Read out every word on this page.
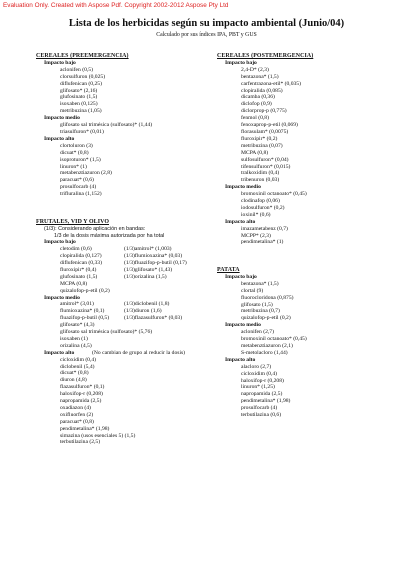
Evaluation Only. Created with Aspose Pdf. Copyright 2002-2012 Aspose Pty Ltd
Lista de los herbicidas según su impacto ambiental (Junio/04)
Calculado por sus índices IPA, PBT y GUS
CEREALES (PREEMERGENCIA)
Impacto bajo
aclonifen (0,5)
clorsulfuron (0,025)
diflufenican (0,25)
glifosato* (2,16)
glufosinato (1,5)
isoxaben (0,125)
metribuzina (1,05)
Impacto medio
glifosato sal trimésica (sulfosato)* (1,44)
triasulfuron* (0,01)
Impacto alto
clortoluron (3)
dicuat* (0,8)
isoproturon* (1,5)
linuron* (1)
metabenztiazuron (2,8)
paracuat* (0,6)
prosulfocarb (4)
trifluralina (1,152)
FRUTALES, VID Y OLIVO
(1/3): Considerando aplicación en bandas:
1/3 de la dosis máxima autorizada por ha total
Impacto bajo
cletodim (0,6)	(1/3)amitrol* (1,003)
clopiralida (0,127)	(1/3)flumioxazina* (0,03)
diflufenican (0,33)	(1/3)fluazifop-p-butil (0,17)
fluroxipir* (0,4)	(1/3)glifosato* (1,43)
glufosinato (1,5)	(1/3)orizalina (1,5)
MCPA (0,8)
quizalofop-p-etil (0,2)
Impacto medio
amitrol* (3,01)	(1/3)diclobenil (1,8)
flumioxazina* (0,1)	(1/3)diuron (1,6)
fluazifop-p-butil (0,5)	(1/3)flazasulfuron* (0,03)
glifosato* (4,3)
glifosato sal trimésica (sulfosato)* (5,76)
isoxaben (1)
orizalina (4,5)
Impacto alto	(No cambian de grupo al reducir la dosis)
cicloxidim (0,4)
diclobenil (5,4)
dicuat* (0,8)
diuron (4,8)
flazasulfuron* (0,1)
haloxifop-r (0,208)
napropamida (2,5)
oxadiazon (4)
oxifluorfen (2)
paracuat* (0,8)
pendimetalina* (1,98)
simazina (usos esenciales 5) (1,5)
terbutilazina (2,5)
CEREALES (POSTEMERGENCIA)
Impacto bajo
2,4-D* (2,3)
bentazona* (1,5)
carfentrazona-etil* (0,035)
clopiralida (0,085)
dicamba (0,36)
diclofop (0,9)
diclorprop-p (0,775)
fenmol (0,8)
fenoxaprop-p-etil (0,069)
florasulam* (0,0075)
fluroxipir* (0,2)
metribuzina (0,07)
MCPA (0,8)
sulfosulfuron* (0,04)
tifensulfuron* (0,015)
tralkoxidim (0,4)
tribenuron (0,03)
Impacto medio
bromoxinil octanoato* (0,45)
clodinafop (0,06)
iodosulfuron* (0,2)
ioxinil* (0,6)
Impacto alto
imazametabenz (0,7)
MCPP* (2,3)
pendimetalina* (1)
PATATA
Impacto bajo
bentazona* (1,5)
clortal (9)
fluorocloridona (0,875)
glifosato (1,5)
metribuzina (0,7)
quizalofop-p-etil (0,2)
Impacto medio
aclonifen (2,7)
bromoxinil octanoato* (0,45)
metabenztiazuron (2,1)
S-metolacloro (1,44)
Impacto alto
alacloro (2,7)
cicloxidim (0,4)
haloxifop-r (0,208)
linuron* (1,25)
napropamida (2,5)
pendimetalina* (1,98)
prosulfocarb (4)
terbutilazina (0,6)
